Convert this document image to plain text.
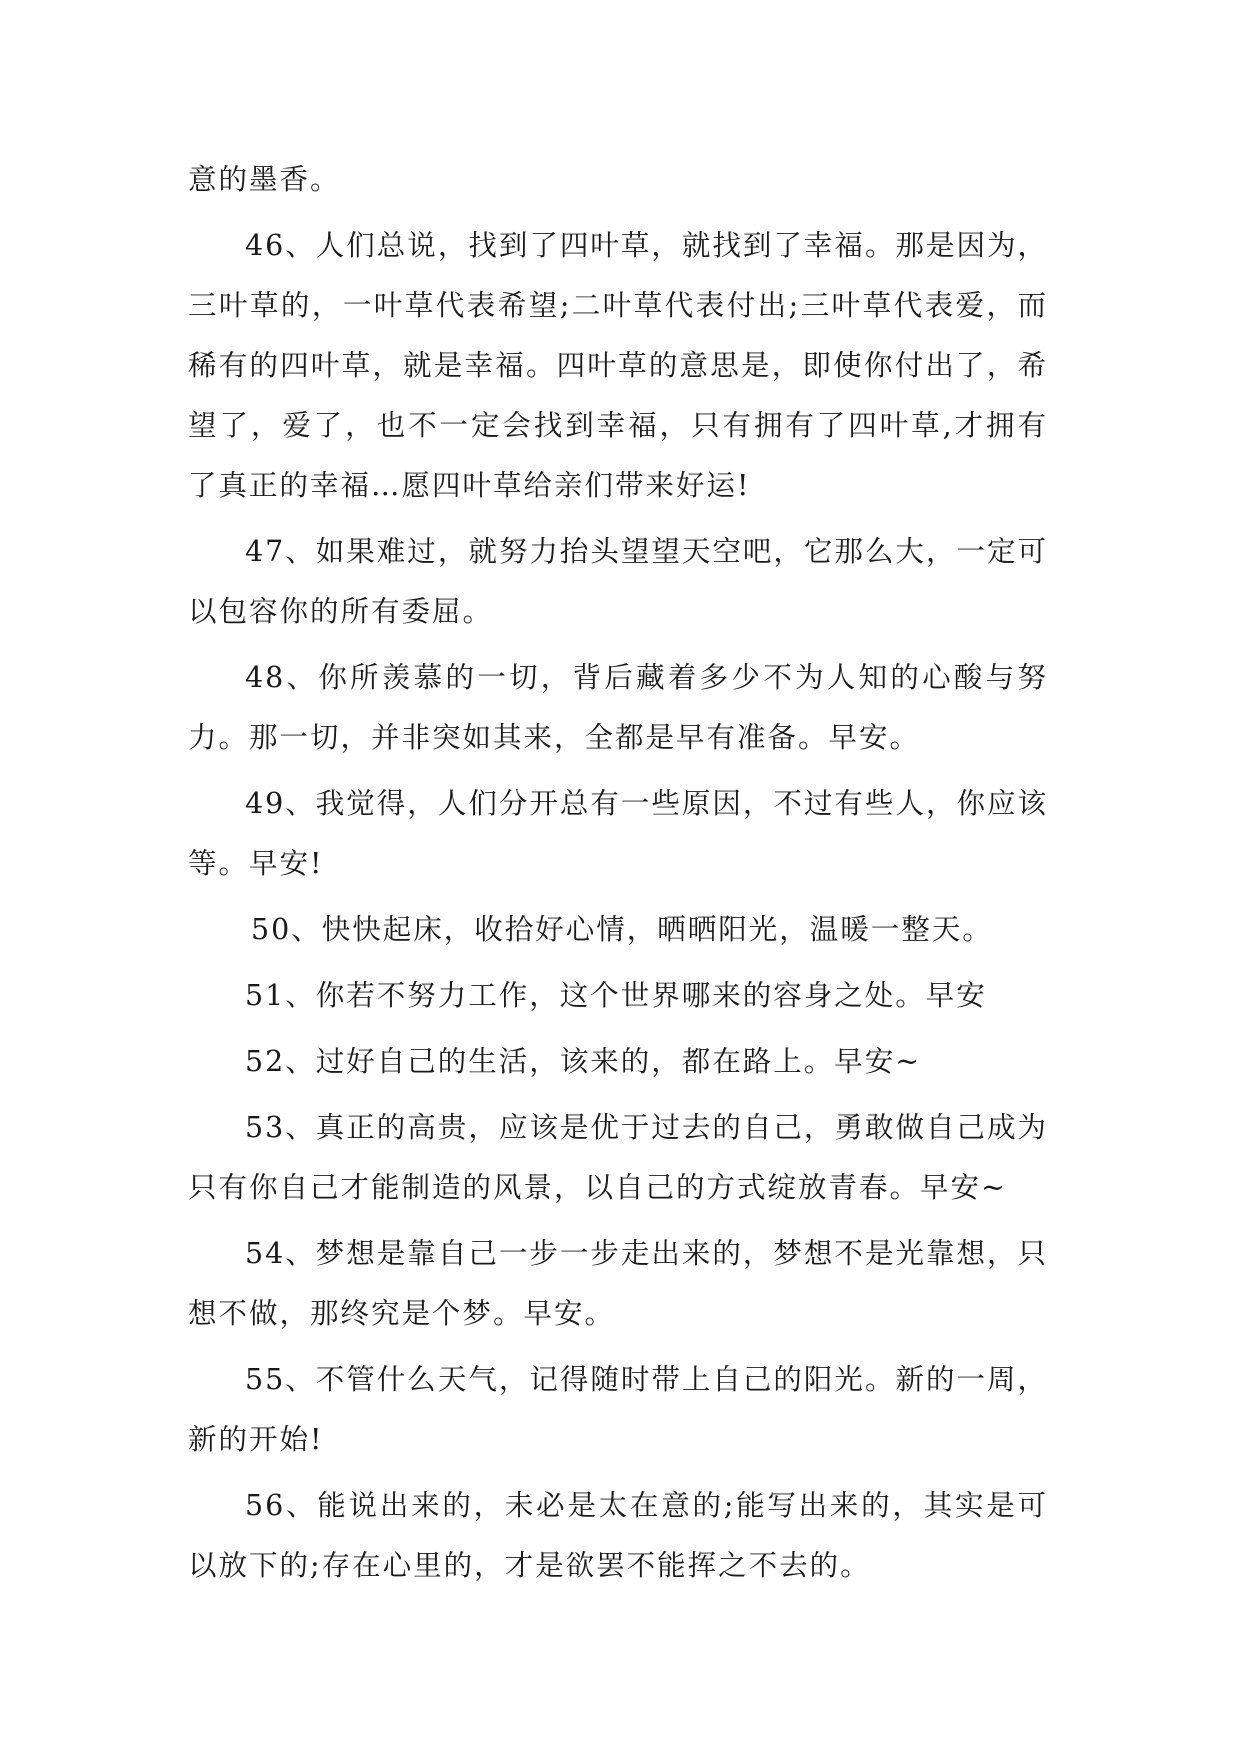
意的墨香。

46、人们总说，找到了四叶草，就找到了幸福。那是因为，三叶草的，一叶草代表希望;二叶草代表付出;三叶草代表爱，而稀有的四叶草，就是幸福。四叶草的意思是，即使你付出了，希望了，爱了，也不一定会找到幸福，只有拥有了四叶草,才拥有了真正的幸福…愿四叶草给亲们带来好运!

47、如果难过，就努力抬头望望天空吧，它那么大，一定可以包容你的所有委屈。

48、你所羡慕的一切，背后藏着多少不为人知的心酸与努力。那一切，并非突如其来，全都是早有准备。早安。

49、我觉得，人们分开总有一些原因，不过有些人，你应该等。早安!

50、快快起床，收拾好心情，晒晒阳光，温暖一整天。

51、你若不努力工作，这个世界哪来的容身之处。早安

52、过好自己的生活，该来的，都在路上。早安~

53、真正的高贵，应该是优于过去的自己，勇敢做自己成为只有你自己才能制造的风景，以自己的方式绽放青春。早安~

54、梦想是靠自己一步一步走出来的，梦想不是光靠想，只想不做，那终究是个梦。早安。

55、不管什么天气，记得随时带上自己的阳光。新的一周，新的开始!

56、能说出来的，未必是太在意的;能写出来的，其实是可以放下的;存在心里的，才是欲罢不能挥之不去的。
